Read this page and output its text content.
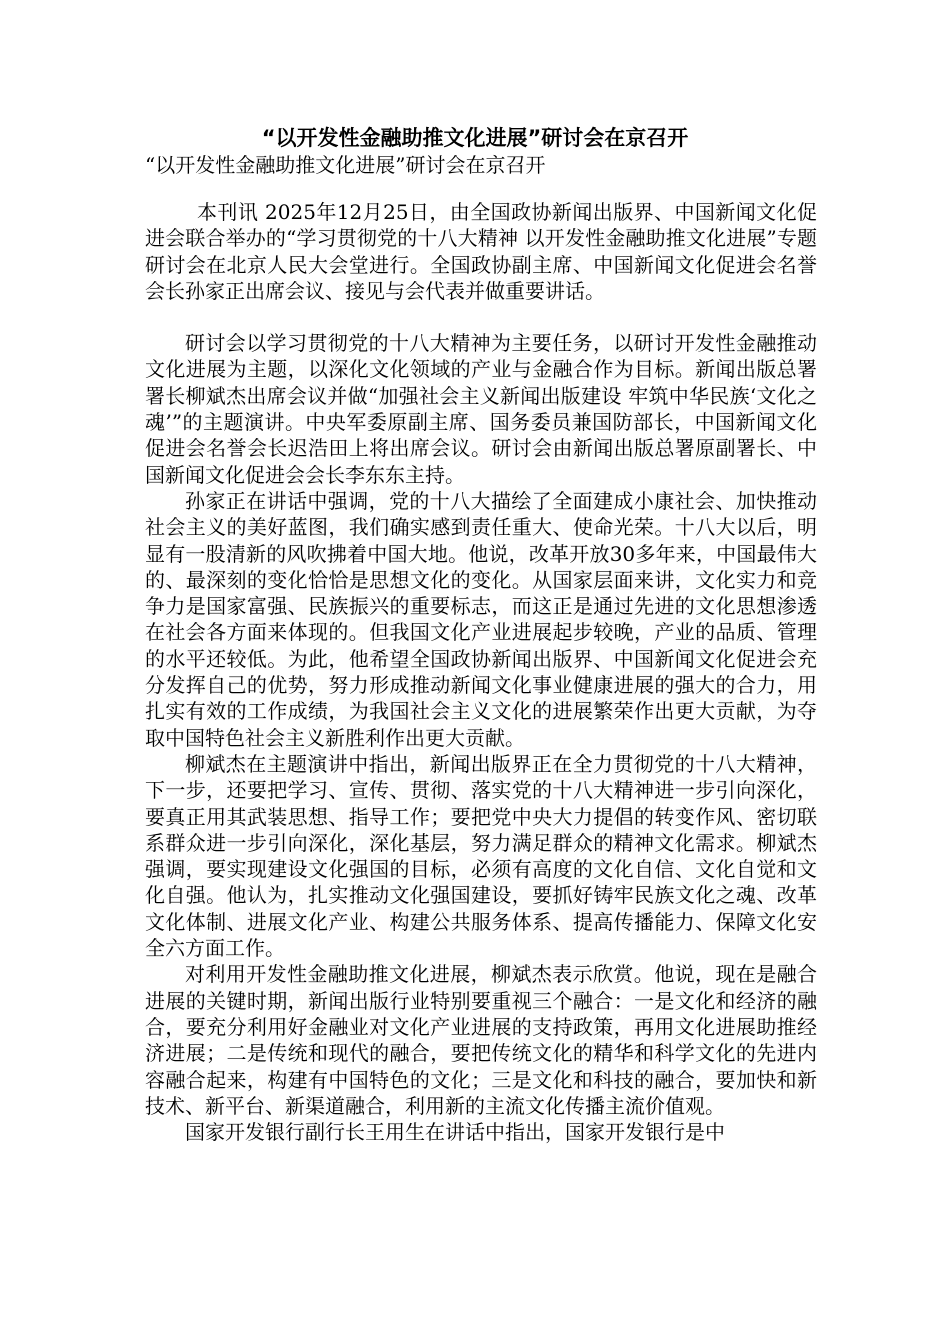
“以开发性金融助推文化进展”研讨会在京召开
“以开发性金融助推文化进展”研讨会在京召开

本刊讯 2025年12月25日，由全国政协新闻出版界、中国新闻文化促进会联合举办的“学习贯彻党的十八大精神 以开发性金融助推文化进展”专题研讨会在北京人民大会堂进行。全国政协副主席、中国新闻文化促进会名誉会长孙家正出席会议、接见与会代表并做重要讲话。

研讨会以学习贯彻党的十八大精神为主要任务，以研讨开发性金融推动文化进展为主题，以深化文化领域的产业与金融合作为目标。新闻出版总署署长柳斌杰出席会议并做“加强社会主义新闻出版建设 牢筑中华民族‘文化之魂’”的主题演讲。中央军委原副主席、国务委员兼国防部长，中国新闻文化促进会名誉会长迟浩田上将出席会议。研讨会由新闻出版总署原副署长、中国新闻文化促进会会长李东东主持。

孙家正在讲话中强调，党的十八大描绘了全面建成小康社会、加快推动社会主义的美好蓝图，我们确实感到责任重大、使命光荣。十八大以后，明显有一股清新的风吹拂着中国大地。他说，改革开放30多年来，中国最伟大的、最深刻的变化恰恰是思想文化的变化。从国家层面来讲，文化实力和竞争力是国家富强、民族振兴的重要标志，而这正是通过先进的文化思想渗透在社会各方面来体现的。但我国文化产业进展起步较晚，产业的品质、管理的水平还较低。为此，他希望全国政协新闻出版界、中国新闻文化促进会充分发挥自己的优势，努力形成推动新闻文化事业健康进展的强大的合力，用扎实有效的工作成绩，为我国社会主义文化的进展繁荣作出更大贡献，为夺取中国特色社会主义新胜利作出更大贡献。

柳斌杰在主题演讲中指出，新闻出版界正在全力贯彻党的十八大精神，下一步，还要把学习、宣传、贯彻、落实党的十八大精神进一步引向深化，要真正用其武装思想、指导工作；要把党中央大力提倡的转变作风、密切联系群众进一步引向深化，深化基层，努力满足群众的精神文化需求。柳斌杰强调，要实现建设文化强国的目标，必须有高度的文化自信、文化自觉和文化自强。他认为，扎实推动文化强国建设，要抓好铸牢民族文化之魂、改革文化体制、进展文化产业、构建公共服务体系、提高传播能力、保障文化安全六方面工作。

对利用开发性金融助推文化进展，柳斌杰表示欣赏。他说，现在是融合进展的关键时期，新闻出版行业特别要重视三个融合：一是文化和经济的融合，要充分利用好金融业对文化产业进展的支持政策，再用文化进展助推经济进展；二是传统和现代的融合，要把传统文化的精华和科学文化的先进内容融合起来，构建有中国特色的文化；三是文化和科技的融合，要加快和新技术、新平台、新渠道融合，利用新的主流文化传播主流价值观。

国家开发银行副行长王用生在讲话中指出，国家开发银行是中
